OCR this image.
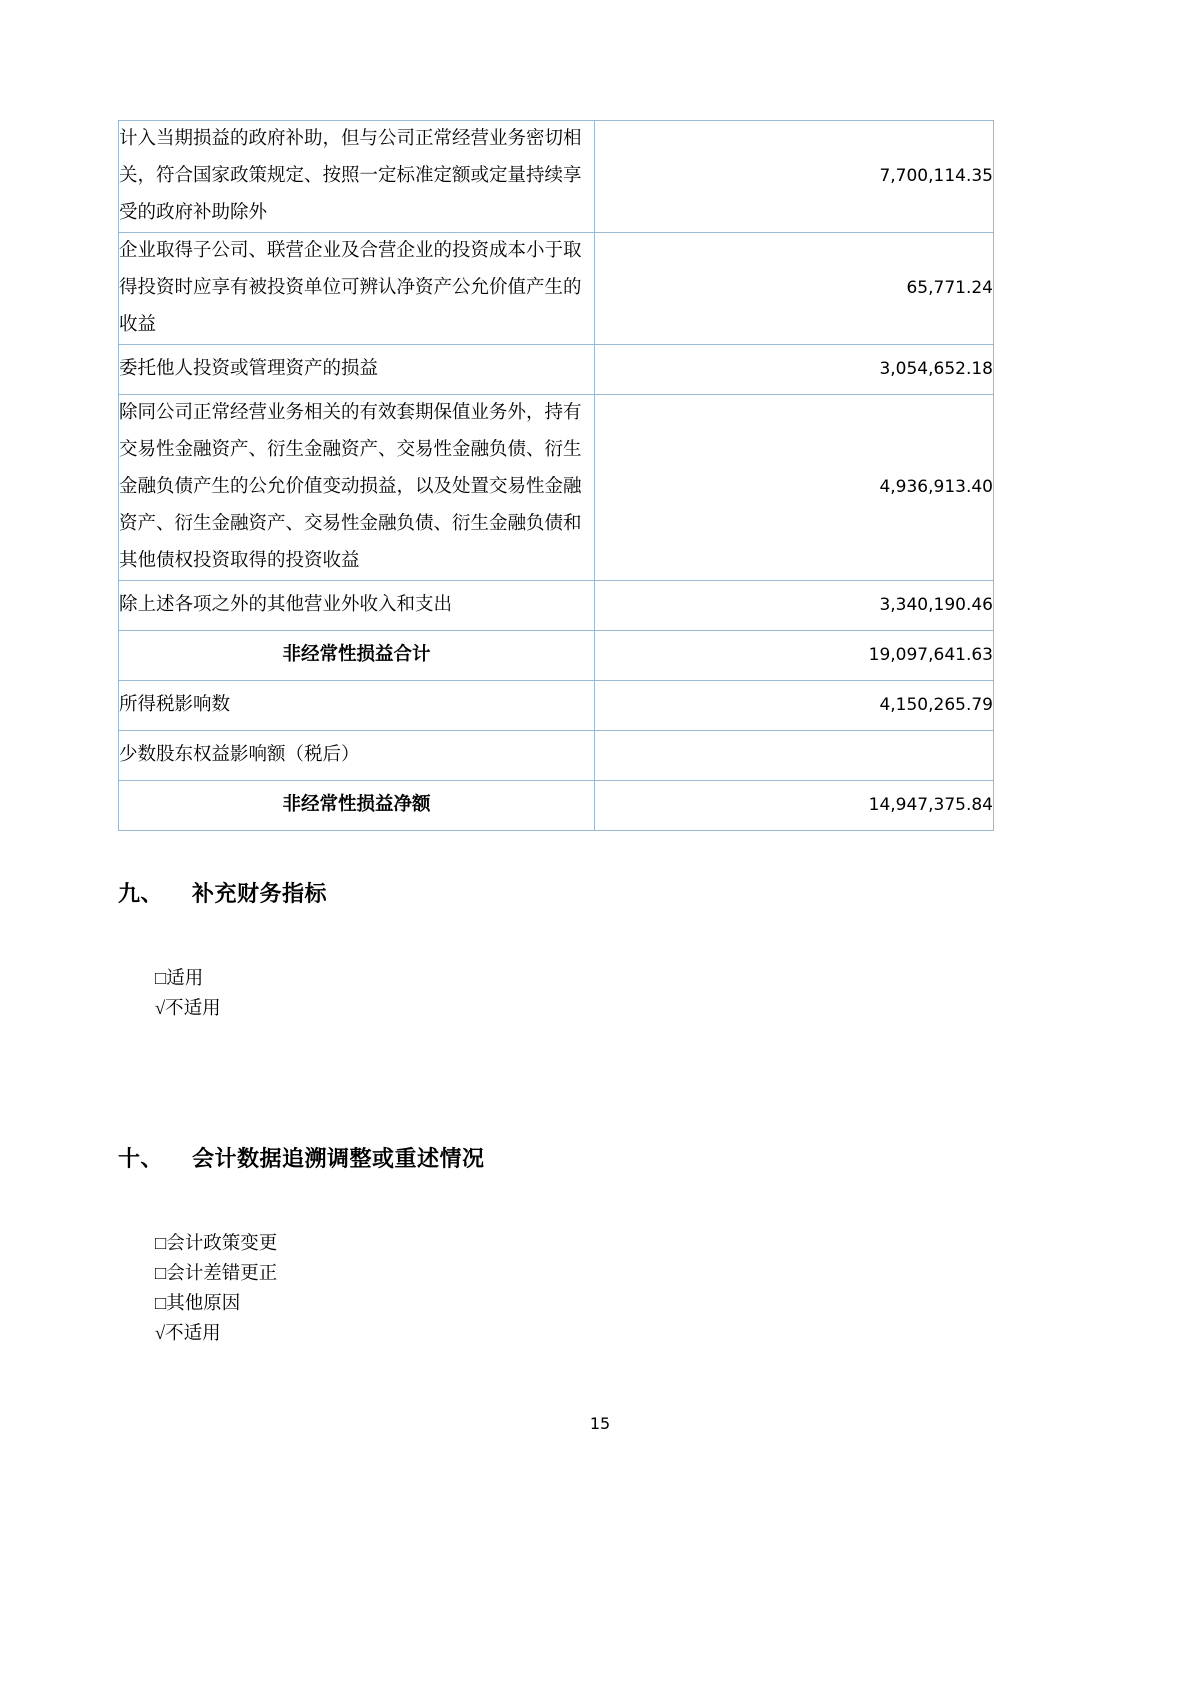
计入当期损益的政府补助，但与公司正常经营业务密切相关，符合国家政策规定、按照一定标准定额或定量持续享受的政府补助除外	7,700,114.35
企业取得子公司、联营企业及合营企业的投资成本小于取得投资时应享有被投资单位可辨认净资产公允价值产生的收益	65,771.24
委托他人投资或管理资产的损益	3,054,652.18
除同公司正常经营业务相关的有效套期保值业务外，持有交易性金融资产、衍生金融资产、交易性金融负债、衍生金融负债产生的公允价值变动损益，以及处置交易性金融资产、衍生金融资产、交易性金融负债、衍生金融负债和其他债权投资取得的投资收益	4,936,913.40
除上述各项之外的其他营业外收入和支出	3,340,190.46
非经常性损益合计	19,097,641.63
所得税影响数	4,150,265.79
少数股东权益影响额（税后）	
非经常性损益净额	14,947,375.84
九、 补充财务指标

□适用
√不适用

十、 会计数据追溯调整或重述情况

□会计政策变更
□会计差错更正
□其他原因
√不适用

15
